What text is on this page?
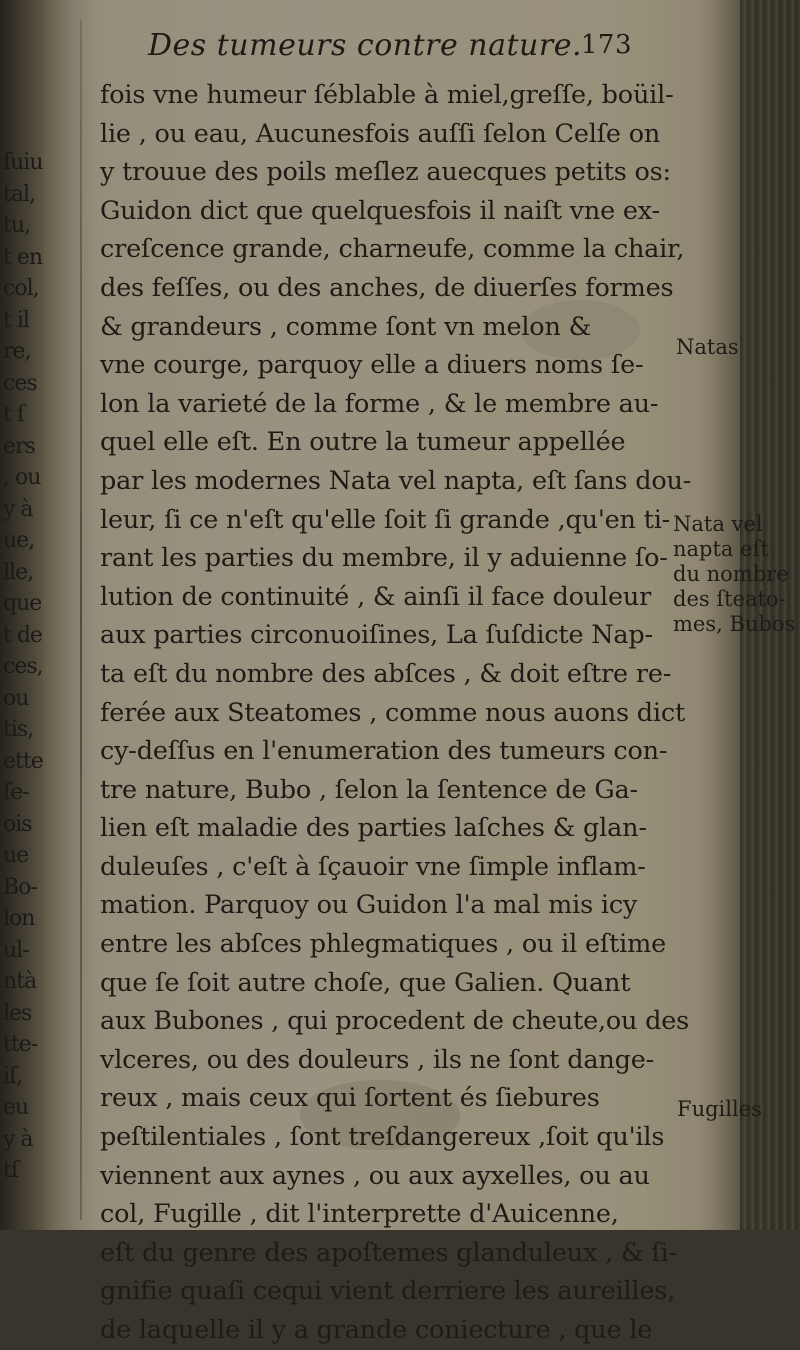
ſuiu
tal,
tu,
t en
col,
t il
re,
ces
t ſ
ers
, ou
y à
ue,
lle,
que
t de
ces,
ou
tis,
ette
ſe-
ois
ue
Bo-
lon
ul-
ntà
les
tte-
iſ,
eu
y à
tſ
Des tumeurs contre nature.
173
fois vne humeur ſéblable à miel,greſſe, boüil-
lie , ou eau, Aucunesfois auſſi ſelon Celſe on
y trouue des poils meſlez auecques petits os:
Guidon dict que quelquesfois il naiſt vne ex-
creſcence grande, charneufe, comme la chair,
des feſſes, ou des anches, de diuerſes formes
& grandeurs , comme ſont vn melon &
vne courge, parquoy elle a diuers noms ſe-
lon la varieté de la forme , & le membre au-
quel elle eſt. En outre la tumeur appellée
par les modernes Nata vel napta, eſt ſans dou-
leur, ſi ce n'eſt qu'elle ſoit ſi grande ,qu'en ti-
rant les parties du membre, il y aduienne ſo-
lution de continuité , & ainſi il face douleur
aux parties circonuoiſines, La ſuſdicte Nap-
ta eſt du nombre des abſces , & doit eſtre re-
ferée aux Steatomes , comme nous auons dict
cy-deſſus en l'enumeration des tumeurs con-
tre nature, Bubo , ſelon la ſentence de Ga-
lien eſt maladie des parties laſches & glan-
duleuſes , c'eſt à ſçauoir vne ſimple inflam-
mation. Parquoy ou Guidon l'a mal mis icy
entre les abſces phlegmatiques , ou il eſtime
que ſe ſoit autre choſe, que Galien. Quant
aux Bubones , qui procedent de cheute,ou des
vlceres, ou des douleurs , ils ne ſont dange-
reux , mais ceux qui ſortent és ſiebures
peſtilentiales , ſont treſdangereux ,ſoit qu'ils
viennent aux aynes , ou aux ayxelles, ou au
col, Fugille , dit l'interprette d'Auicenne,
eſt du genre des apoſtemes glanduleux , & ſi-
gnifie quaſi cequi vient derriere les aureilles,
de laquelle il y a grande coniecture , que le
Natas
Nata vel
napta eſt
du nombre
des ſteato-
mes, Bubos
Fugilles
